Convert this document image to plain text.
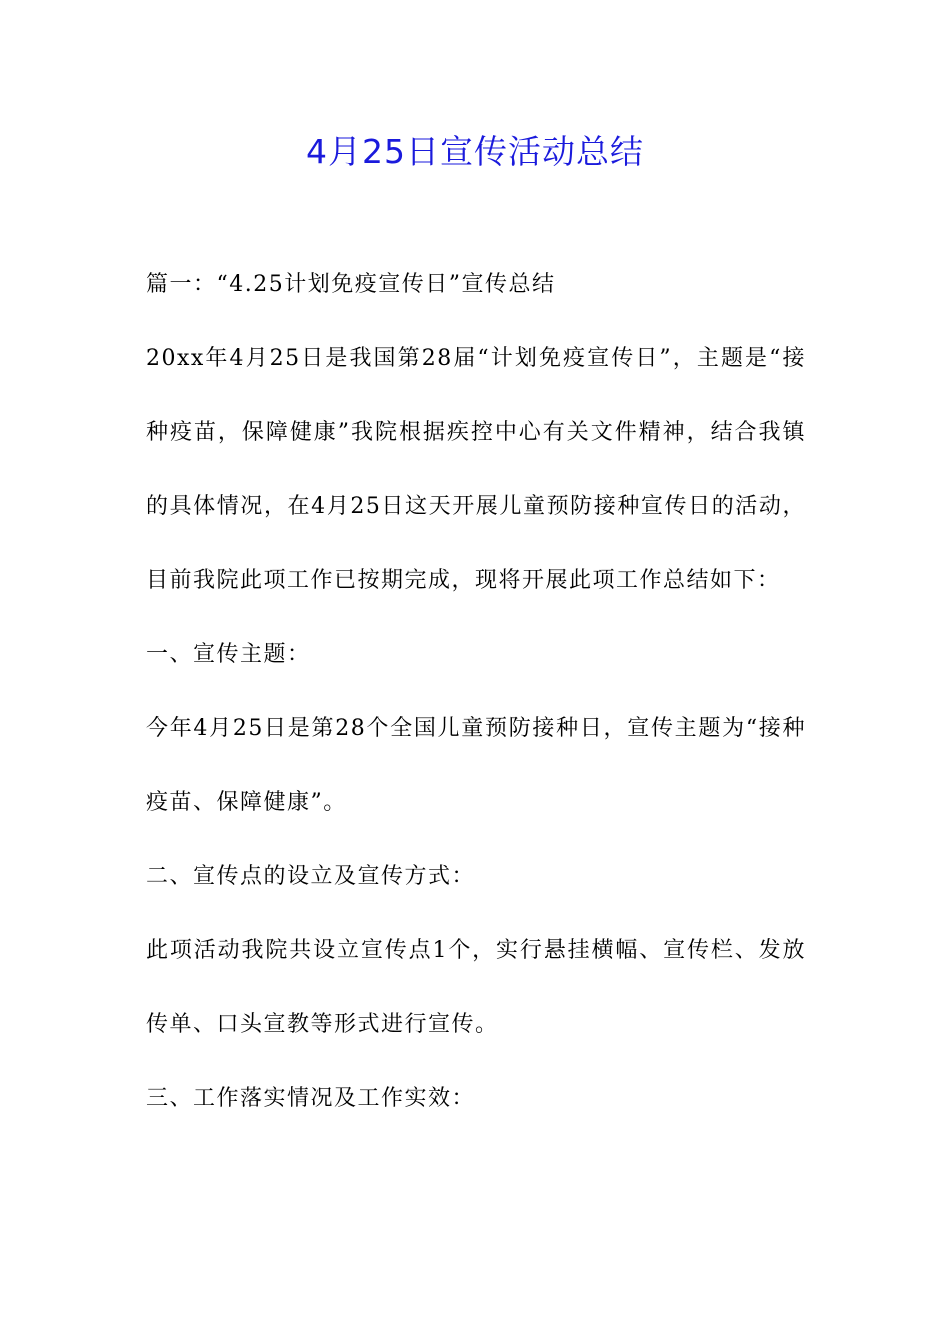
4月25日宣传活动总结

篇一：“4.25计划免疫宣传日”宣传总结

20xx年4月25日是我国第28届“计划免疫宣传日”，主题是“接种疫苗，保障健康”我院根据疾控中心有关文件精神，结合我镇的具体情况，在4月25日这天开展儿童预防接种宣传日的活动，目前我院此项工作已按期完成，现将开展此项工作总结如下：

一、宣传主题：

今年4月25日是第28个全国儿童预防接种日，宣传主题为“接种疫苗、保障健康”。

二、宣传点的设立及宣传方式：

此项活动我院共设立宣传点1个，实行悬挂横幅、宣传栏、发放传单、口头宣教等形式进行宣传。

三、工作落实情况及工作实效：
